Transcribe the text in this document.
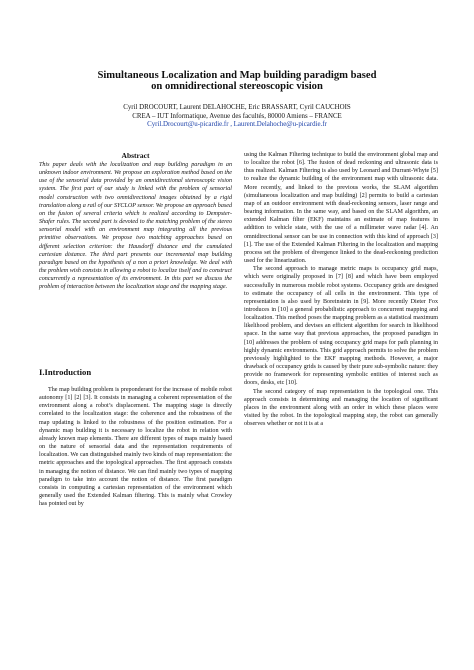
Simultaneous Localization and Map building paradigm based
on omnidirectional stereoscopic vision
Cyril DROCOURT, Laurent DELAHOCHE, Eric BRASSART, Cyril CAUCHOIS
CREA – IUT Informatique, Avenue des facultés, 80000 Amiens – FRANCE
Cyril.Drocourt@u-picardie.fr , Laurent.Delahoche@u-picardie.fr
Abstract

This paper deals with the localization and map building paradigm in an unknown indoor environment. We propose an exploration method based on the use of the sensorial data provided by an omnidirectional stereoscopic vision system. The first part of our study is linked with the problem of sensorial model construction with two omnidirectional images obtained by a rigid translation along a rail of our SYCLOP sensor. We propose an approach based on the fusion of several criteria which is realized according to Dempster-Shafer rules. The second part is devoted to the matching problem of the stereo sensorial model with an environment map integrating all the previous primitive observations. We propose two matching approaches based on different selection criterion: the Hausdorff distance and the cumulated cartesian distance. The third part presents our incremental map building paradigm based on the hypothesis of a non a priori knowledge. We deal with the problem wish consists in allowing a robot to localize itself and to construct concurrently a representation of its environment. In this part we discuss the problem of interaction between the localization stage and the mapping stage.

I.Introduction

The map building problem is preponderant for the increase of mobile robot autonomy [1] [2] [3]. It consists in managing a coherent representation of the environment along a robot’s displacement. The mapping stage is directly correlated to the localization stage: the coherence and the robustness of the map updating is linked to the robustness of the position estimation. For a dynamic map building it is necessary to localize the robot in relation with already known map elements. There are different types of maps mainly based on the nature of sensorial data and the representation requirements of localization. We can distinguished mainly two kinds of map representation: the metric approaches and the topological approaches. The first approach consists in managing the notion of distance. We can find mainly two types of mapping paradigm to take into account the notion of distance. The first paradigm consists in computing a cartesian representation of the environment which generally used the Extended Kalman filtering. This is mainly what Crowley has pointed out by

using the Kalman Filtering technique to build the environment global map and to localize the robot [6]. The fusion of dead reckoning and ultrasonic data is thus realized. Kalman Filtering is also used by Leonard and Durrant-Whyte [5] to realize the dynamic building of the environment map with ultrasonic data. More recently, and linked to the previous works, the SLAM algorithm (simultaneous localization and map building) [2] permits to build a cartesian map of an outdoor environment with dead-reckoning sensors, laser range and bearing information. In the same way, and based on the SLAM algorithm, an extended Kalman filter (EKF) maintains an estimate of map features in addition to vehicle state, with the use of a millimeter wave radar [4]. An omnidirectional sensor can be use in connection with this kind of approach [3] [1]. The use of the Extended Kalman Filtering in the localization and mapping process set the problem of divergence linked to the dead-reckoning prediction used for the linearization.

The second approach to manage metric maps is occupancy grid maps, which were originally proposed in [7] [8] and which have been employed successfully in numerous mobile robot systems. Occupancy grids are designed to estimate the occupancy of all cells in the environment. This type of representation is also used by Boreinstein in [9]. More recently Dieter Fox introduces in [10] a general probabilistic approach to concurrent mapping and localization. This method poses the mapping problem as a statistical maximum likelihood problem, and devises an efficient algorithm for search in likelihood space. In the same way that previous approaches, the proposed paradigm in [10] addresses the problem of using occupancy grid maps for path planning in highly dynamic environments. This grid approach permits to solve the problem previously highlighted to the EKF mapping methods. However, a major drawback of occupancy grids is caused by their pure sub-symbolic nature: they provide no framework for representing symbolic entities of interest such as doors, desks, etc [10].

The second category of map representation is the topological one. This approach consists in determining and managing the location of significant places in the environment along with an order in which these places were visited by the robot. In the topological mapping step, the robot can generally observes whether or not it is at a
